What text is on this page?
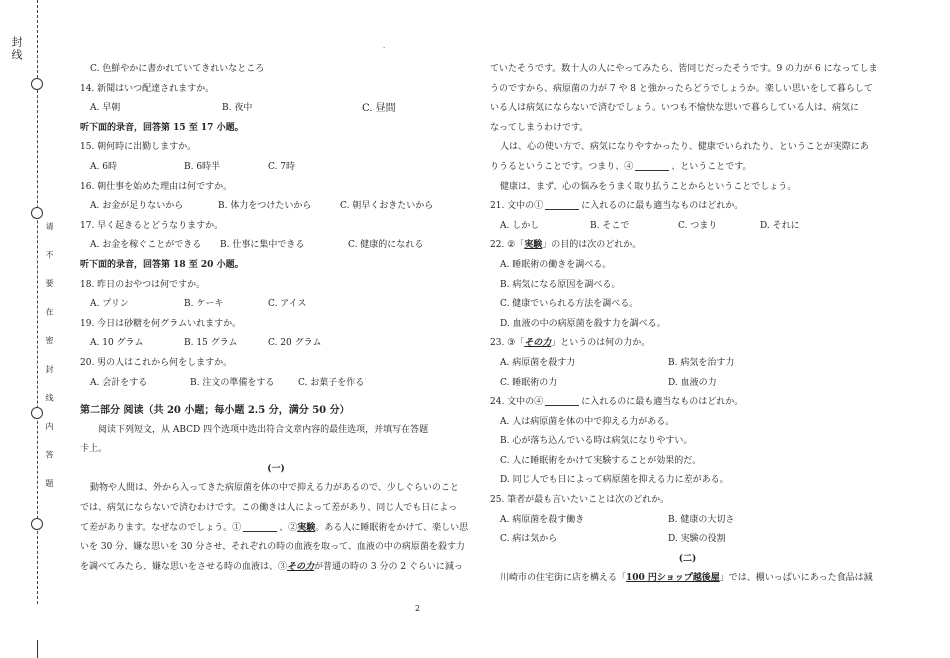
封线
请 不 要 在 密 封 线 内 答 题
·
C. 色鮮やかに書かれていてきれいなところ
14. 新聞はいつ配達されますか。
A. 早朝	B. 夜中	C. 昼間
听下面的录音，回答第 15 至 17 小题。
15. 朝何時に出勤しますか。
A. 6時	B. 6時半	C. 7時
16. 朝仕事を始めた理由は何ですか。
A. お金が足りないから	B. 体力をつけたいから	C. 朝早くおきたいから
17. 早く起きるとどうなりますか。
A. お金を稼ぐことができる B. 仕事に集中できる	C. 健康的になれる
听下面的录音，回答第 18 至 20 小题。
18. 昨日のおやつは何ですか。
A. プリン	B. ケーキ	C. アイス
19. 今日は砂糖を何グラムいれますか。
A. 10 グラム	B. 15 グラム	C. 20 グラム
20. 男の人はこれから何をしますか。
A. 会計をする	B. 注文の準備をする	C. お菓子を作る
第二部分 阅读（共 20 小题；每小题 2.5 分，满分 50 分）
阅读下列短文，从 ABCD 四个选项中选出符合文章内容的最佳选项，并填写在答题
卡上。
(一)
動物や人間は、外から入ってきた病原菌を体の中で抑える力があるので、少しぐらいのこと
では、病気にならないで済むわけです。この働きは人によって差があり、同じ人でも日によっ
て差があります。なぜなのでしょう。①	、②実験。ある人に睡眠術をかけて、楽しい思
いを 30 分、嫌な思いを 30 分させ、それぞれの時の血液を取って、血液の中の病原菌を殺す力
を調べてみたら、嫌な思いをさせる時の血液は、③その力が普通の時の 3 分の 2 ぐらいに減っ
ていたそうです。数十人の人にやってみたら、皆同じだったそうです。9 の力が 6 になってしま
うのですから、病原菌の力が 7 や 8 と強かったらどうでしょうか。楽しい思いをして暮らして
いる人は病気にならないで済むでしょう。いつも不愉快な思いで暮らしている人は、病気に
なってしまうわけです。
人は、心の使い方で、病気になりやすかったり、健康でいられたり、ということが実際にあ
りうるということです。つまり、④	、ということです。
健康は、まず、心の悩みをうまく取り払うことからということでしょう。
21. 文中の①	に入れるのに最も適当なものはどれか。
A. しかし	B. そこで	C. つまり	D. それに
22. ②「実験」の目的は次のどれか。
A. 睡眠術の働きを調べる。
B. 病気になる原因を調べる。
C. 健康でいられる方法を調べる。
D. 血液の中の病原菌を殺す力を調べる。
23. ③「その力」というのは何の力か。
A. 病原菌を殺す力	B. 病気を治す力
C. 睡眠術の力	D. 血液の力
24. 文中の④	に入れるのに最も適当なものはどれか。
A. 人は病原菌を体の中で抑える力がある。
B. 心が落ち込んでいる時は病気になりやすい。
C. 人に睡眠術をかけて実験することが効果的だ。
D. 同じ人でも日によって病原菌を抑える力に差がある。
25. 筆者が最も言いたいことは次のどれか。
A. 病原菌を殺す働き	B. 健康の大切さ
C. 病は気から	D. 実験の役割
(二)
川崎市の住宅街に店を構える「100 円ショップ越後屋」では、棚いっぱいにあった食品は減
2
